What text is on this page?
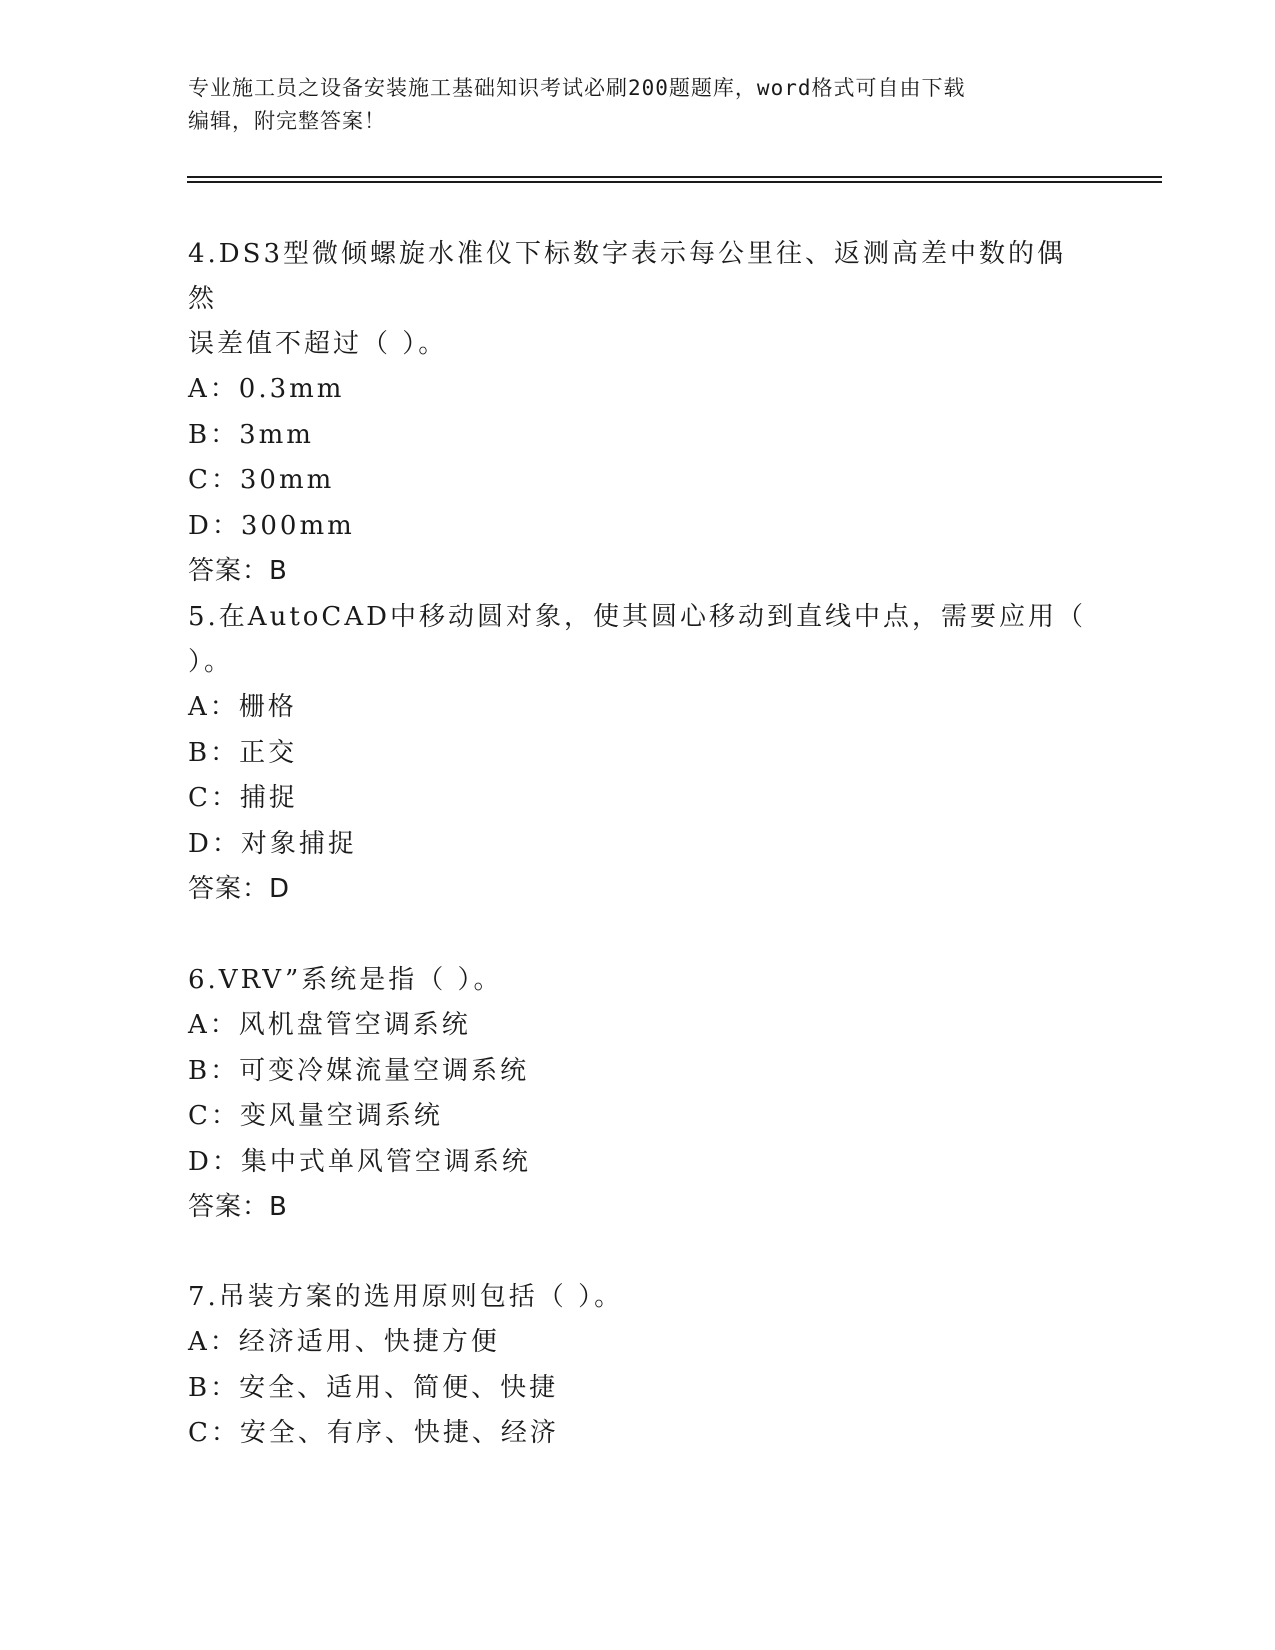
专业施工员之设备安装施工基础知识考试必刷200题题库，word格式可自由下载
编辑，附完整答案！

4.DS3型微倾螺旋水准仪下标数字表示每公里往、返测高差中数的偶然

误差值不超过（ ）。

A：0.3mm

B：3mm

C：30mm

D：300mm

答案：B

5.在AutoCAD中移动圆对象，使其圆心移动到直线中点，需要应用（

）。

A：栅格

B：正交

C：捕捉

D：对象捕捉

答案：D

6.VRV”系统是指（ ）。

A：风机盘管空调系统

B：可变冷媒流量空调系统

C：变风量空调系统

D：集中式单风管空调系统

答案：B

7.吊装方案的选用原则包括（ ）。

A：经济适用、快捷方便

B：安全、适用、简便、快捷

C：安全、有序、快捷、经济
